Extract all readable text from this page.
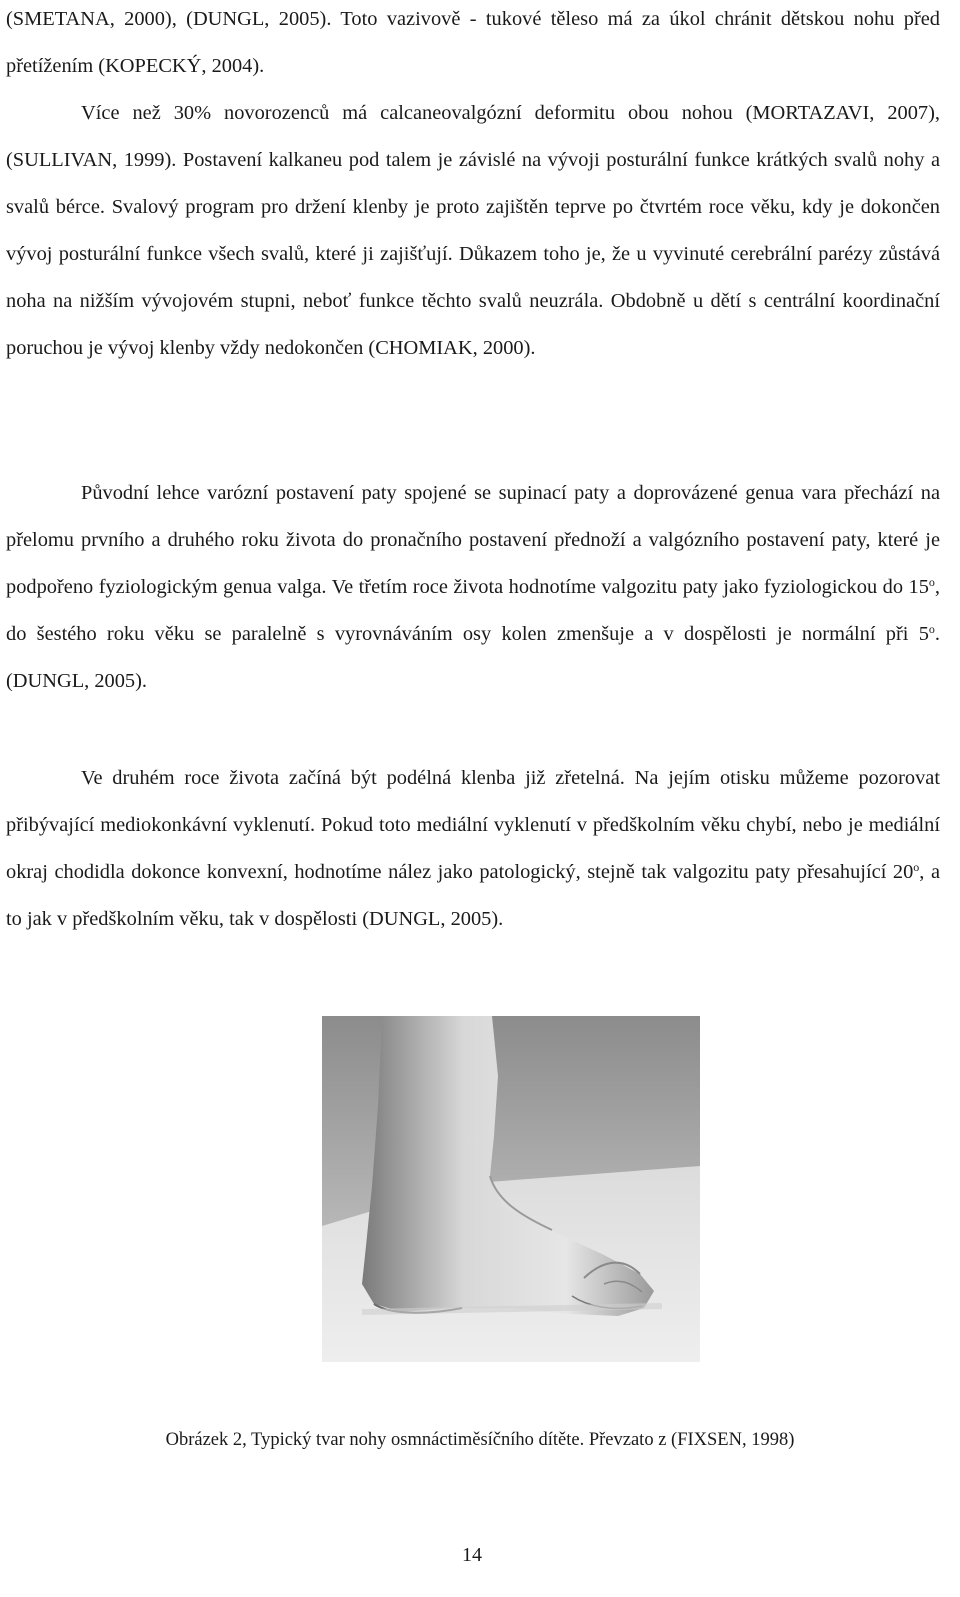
(SMETANA, 2000), (DUNGL, 2005). Toto vazivově - tukové těleso má za úkol chránit dětskou nohu před přetížením (KOPECKÝ, 2004).

Více než 30% novorozenců má calcaneovalgózní deformitu obou nohou (MORTAZAVI, 2007), (SULLIVAN, 1999). Postavení kalkaneu pod talem je závislé na vývoji posturální funkce krátkých svalů nohy a svalů bérce. Svalový program pro držení klenby je proto zajištěn teprve po čtvrtém roce věku, kdy je dokončen vývoj posturální funkce všech svalů, které ji zajišťují. Důkazem toho je, že u vyvinuté cerebrální parézy zůstává noha na nižším vývojovém stupni, neboť funkce těchto svalů neuzrála. Obdobně u dětí s centrální koordinační poruchou je vývoj klenby vždy nedokončen (CHOMIAK, 2000).

Původní lehce varózní postavení paty spojené se supinací paty a doprovázené genua vara přechází na přelomu prvního a druhého roku života do pronačního postavení přednoží a valgózního postavení paty, které je podpořeno fyziologickým genua valga. Ve třetím roce života hodnotíme valgozitu paty jako fyziologickou do 15$^o$, do šestého roku věku se paralelně s vyrovnáváním osy kolen zmenšuje a v dospělosti je normální při 5$^o$. (DUNGL, 2005).

Ve druhém roce života začíná být podélná klenba již zřetelná. Na jejím otisku můžeme pozorovat přibývající mediokonkávní vyklenutí. Pokud toto mediální vyklenutí v předškolním věku chybí, nebo je mediální okraj chodidla dokonce konvexní, hodnotíme nález jako patologický, stejně tak valgozitu paty přesahující 20$^o$, a to jak v předškolním věku, tak v dospělosti (DUNGL, 2005).

Obrázek 2, Typický tvar nohy osmnáctiměsíčního dítěte. Převzato z (FIXSEN, 1998)
14
